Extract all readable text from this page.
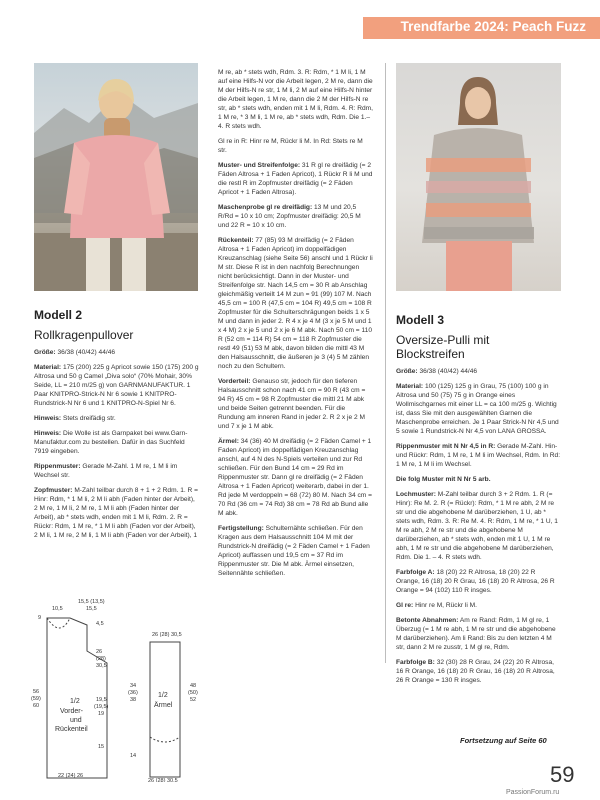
Trendfarbe 2024: Peach Fuzz

Modell 2

Rollkragenpullover

Größe: 36/38 (40/42) 44/46

Material: 175 (200) 225 g Apricot sowie 150 (175) 200 g Altrosa und 50 g Camel „Diva solo“ (70% Mohair, 30% Seide, LL = 210 m/25 g) von GARNMANUFAKTUR. 1 Paar KNITPRO-Strick-N Nr 6 sowie 1 KNITPRO-Rundstrick-N Nr 6 und 1 KNITPRO-N-Spiel Nr 6.

Hinweis: Stets dreifädig str.

Hinweis: Die Wolle ist als Garnpaket bei www.Garn-Manufaktur.com zu bestellen. Dafür in das Suchfeld 7919 eingeben.

Rippenmuster: Gerade M-Zahl. 1 M re, 1 M li im Wechsel str.

Zopfmuster: M-Zahl teilbar durch 8 + 1 + 2 Rdm. 1. R = Hinr: Rdm, * 1 M li, 2 M li abh (Faden hinter der Arbeit), 2 M re, 1 M li, 2 M re, 1 M li abh (Faden hinter der Arbeit), ab * stets wdh, enden mit 1 M li, Rdm. 2. R = Rückr: Rdm, 1 M re, * 1 M li abh (Faden vor der Arbeit), 2 M li, 1 M re, 2 M li, 1 M li abh (Faden vor der Arbeit), 1

M re, ab * stets wdh, Rdm. 3. R: Rdm, * 1 M li, 1 M auf eine Hilfs-N vor die Arbeit legen, 2 M re, dann die M der Hilfs-N re str, 1 M li, 2 M auf eine Hilfs-N hinter die Arbeit legen, 1 M re, dann die 2 M der Hilfs-N re str, ab * stets wdh, enden mit 1 M li, Rdm. 4. R: Rdm, 1 M re, * 3 M li, 1 M re, ab * stets wdh, Rdm. Die 1.–4. R stets wdh.

Gl re in R: Hinr re M, Rückr li M. In Rd: Stets re M str.

Muster- und Streifenfolge: 31 R gl re dreifädig (= 2 Fäden Altrosa + 1 Faden Apricot), 1 Rückr R li M und die restl R im Zopfmuster dreifädig (= 2 Fäden Apricot + 1 Faden Altrosa).

Maschenprobe gl re dreifädig: 13 M und 20,5 R/Rd = 10 x 10 cm; Zopfmuster dreifädig: 20,5 M und 22 R = 10 x 10 cm.

Rückenteil: 77 (85) 93 M dreifädig (= 2 Fäden Altrosa + 1 Faden Apricot) im doppelfädigen Kreuzanschlag (siehe Seite 56) anschl und 1 Rückr li M str. Diese R ist in den nachfolg Berechnungen nicht berücksichtigt. Dann in der Muster- und Streifenfolge str. Nach 14,5 cm = 30 R ab Anschlag gleichmäßig verteilt 14 M zun = 91 (99) 107 M. Nach 45,5 cm = 100 R (47,5 cm = 104 R) 49,5 cm = 108 R Zopfmuster für die Schulterschrägungen beids 1 x 5 M und dann in jeder 2. R 4 x je 4 M (3 x je 5 M und 1 x 4 M) 2 x je 5 und 2 x je 6 M abk. Nach 50 cm = 110 R (52 cm = 114 R) 54 cm = 118 R Zopfmuster die restl 49 (51) 53 M abk, davon bilden die mittl 43 M den Halsausschnitt, die äußeren je 3 (4) 5 M zählen noch zu den Schultern.

Vorderteil: Genauso str, jedoch für den tieferen Halsausschnitt schon nach 41 cm = 90 R (43 cm = 94 R) 45 cm = 98 R Zopfmuster die mittl 21 M abk und beide Seiten getrennt beenden. Für die Rundung am inneren Rand in jeder 2. R 2 x je 2 M und 7 x je 1 M abk.

Ärmel: 34 (36) 40 M dreifädig (= 2 Fäden Camel + 1 Faden Apricot) im doppelfädigen Kreuzanschlag anschl, auf 4 N des N-Spiels verteilen und zur Rd schließen. Für den Bund 14 cm = 29 Rd im Rippenmuster str. Dann gl re dreifädig (= 2 Fäden Altrosa + 1 Faden Apricot) weiterarb, dabei in der 1. Rd jede M verdoppeln = 68 (72) 80 M. Nach 34 cm = 70 Rd (36 cm = 74 Rd) 38 cm = 78 Rd ab Bund alle M abk.

Fertigstellung: Schulternähte schließen. Für den Kragen aus dem Halsausschnitt 104 M mit der Rundstrick-N dreifädig (= 2 Fäden Camel + 1 Faden Apricot) auffassen und 19,5 cm = 37 Rd im Rippenmuster str. Die M abk. Ärmel einsetzen, Seitennähte schließen.

Modell 3

Oversize-Pulli mit Blockstreifen

Größe: 36/38 (40/42) 44/46

Material: 100 (125) 125 g in Grau, 75 (100) 100 g in Altrosa und 50 (75) 75 g in Orange eines Wollmischgarnes mit einer LL = ca 100 m/25 g. Wichtig ist, dass Sie mit den ausgewählten Garnen die Maschenprobe erreichen. Je 1 Paar Strick-N Nr 4,5 und 5 sowie 1 Rundstrick-N Nr 4,5 von LANA GROSSA.

Rippenmuster mit N Nr 4,5 in R: Gerade M-Zahl. Hin- und Rückr: Rdm, 1 M re, 1 M li im Wechsel, Rdm. In Rd: 1 M re, 1 M li im Wechsel.

Die folg Muster mit N Nr 5 arb.

Lochmuster: M-Zahl teilbar durch 3 + 2 Rdm. 1. R (= Hinr): Re M. 2. R (= Rückr): Rdm, * 1 M re abh, 2 M re str und die abgehobene M darüberziehen, 1 U, ab * stets wdh, Rdm. 3. R: Re M. 4. R: Rdm, 1 M re, * 1 U, 1 M re abh, 2 M re str und die abgehobene M darüberziehen, ab * stets wdh, enden mit 1 U, 1 M re abh, 1 M re str und die abgehobene M darüberziehen, Rdm. Die 1. – 4. R stets wdh.

Farbfolge A: 18 (20) 22 R Altrosa, 18 (20) 22 R Orange, 16 (18) 20 R Grau, 16 (18) 20 R Altrosa, 26 R Orange = 94 (102) 110 R insges.

Gl re: Hinr re M, Rückr li M.

Betonte Abnahmen: Am re Rand: Rdm, 1 M gl re, 1 Überzug (= 1 M re abh, 1 M re str und die abgehobene M darüberziehen). Am li Rand: Bis zu den letzten 4 M str, dann 2 M re zusstr, 1 M gl re, Rdm.

Farbfolge B: 32 (30) 28 R Grau, 24 (22) 20 R Altrosa, 16 R Orange, 16 (18) 20 R Grau, 16 (18) 20 R Altrosa, 26 R Orange = 130 R insges.

1/2
Vorder-
und
Rückenteil
15,5 (13,5)
15,5
9
10,5
4,5
26
(28)
30,5
19,5
(19,5)
19
15
56
(59)
60
22 (24) 26
1/2
Ärmel
26 (28) 30,5
34
(36)
38
48
(50)
52
14
26 (28) 30,5
Fortsetzung auf Seite 60
59
PassionForum.ru
